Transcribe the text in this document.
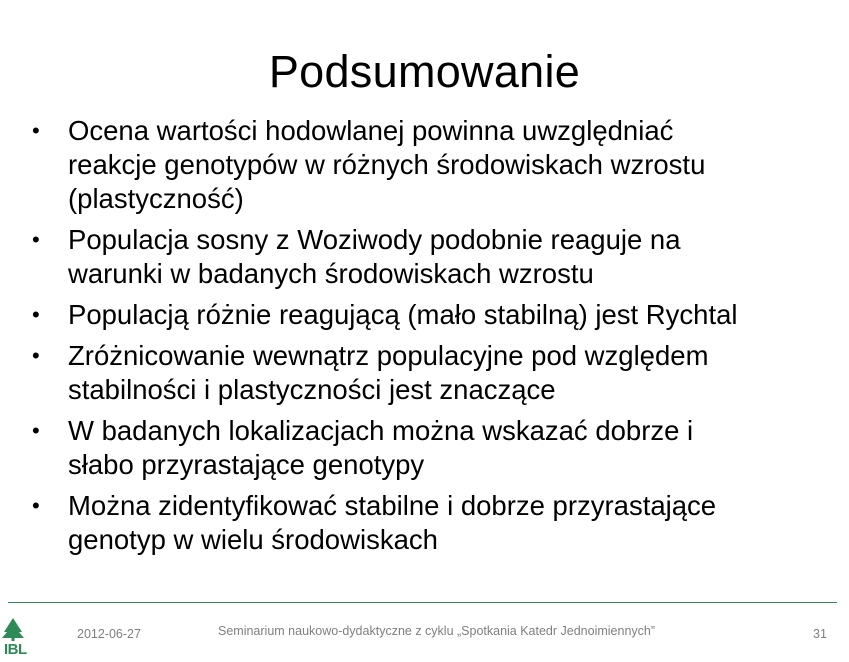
Podsumowanie
•	Ocena wartości hodowlanej powinna uwzględniać
reakcje genotypów w różnych środowiskach wzrostu
(plastyczność)
•	Populacja sosny z Woziwody podobnie reaguje na
warunki w badanych środowiskach wzrostu
•	Populacją różnie reagującą (mało stabilną) jest Rychtal
•	Zróżnicowanie wewnątrz populacyjne pod względem
stabilności i plastyczności jest znaczące
•	W badanych lokalizacjach można wskazać dobrze i
słabo przyrastające genotypy
•	Można zidentyfikować stabilne i dobrze przyrastające
genotyp w wielu środowiskach
IBL
2012-06-27	Seminarium naukowo-dydaktyczne z cyklu „Spotkania Katedr Jednoimiennych”	31
